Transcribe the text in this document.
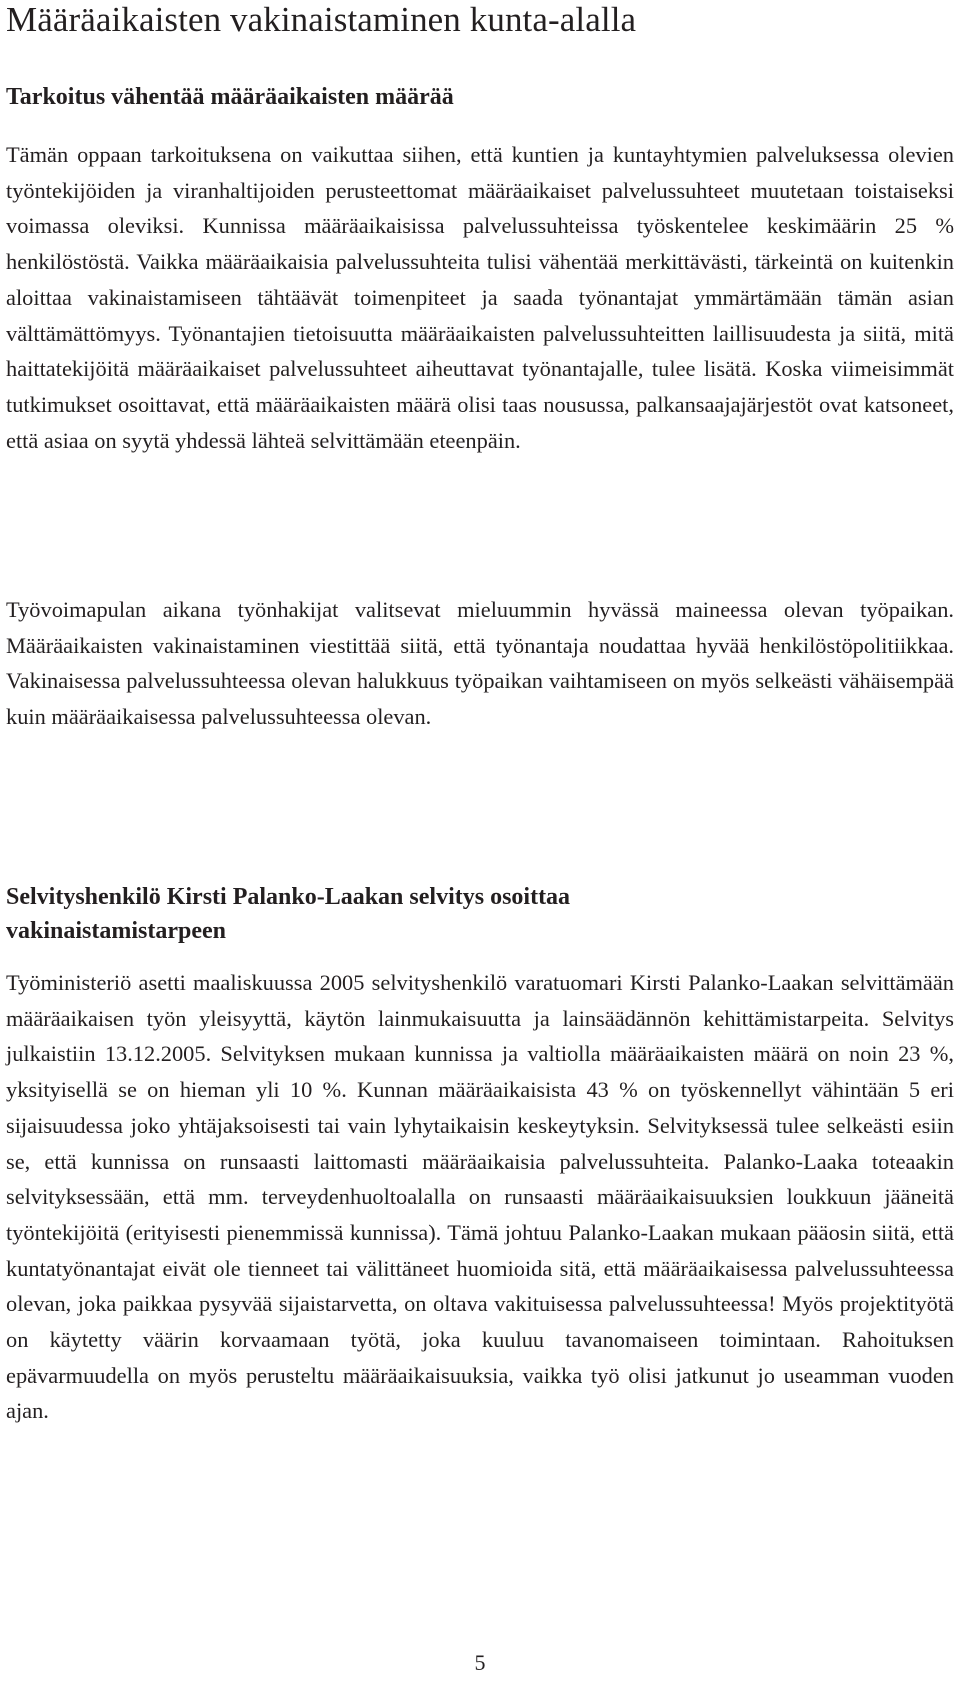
Määräaikaisten vakinaistaminen kunta-alalla
Tarkoitus vähentää määräaikaisten määrää

Tämän oppaan tarkoituksena on vaikuttaa siihen, että kuntien ja kuntayhtymien palveluksessa olevien työntekijöiden ja viranhaltijoiden perusteettomat määräaikaiset palvelussuhteet muutetaan toistaiseksi voimassa oleviksi. Kunnissa määräaikaisissa palvelussuhteissa työskentelee keskimäärin 25 % henkilöstöstä. Vaikka määräaikaisia palvelussuhteita tulisi vähentää merkittävästi, tärkeintä on kuitenkin aloittaa vakinaistamiseen tähtäävät toimenpiteet ja saada työnantajat ymmärtämään tämän asian välttämättömyys. Työnantajien tietoisuutta määräaikaisten palvelussuhteitten laillisuudesta ja siitä, mitä haittatekijöitä määräaikaiset palvelussuhteet aiheuttavat työnantajalle, tulee lisätä. Koska viimeisimmät tutkimukset osoittavat, että määräaikaisten määrä olisi taas nousussa, palkansaajajärjestöt ovat katsoneet, että asiaa on syytä yhdessä lähteä selvittämään eteenpäin.

Työvoimapulan aikana työnhakijat valitsevat mieluummin hyvässä maineessa olevan työpaikan. Määräaikaisten vakinaistaminen viestittää siitä, että työnantaja noudattaa hyvää henkilöstöpolitiikkaa. Vakinaisessa palvelussuhteessa olevan halukkuus työpaikan vaihtamiseen on myös selkeästi vähäisempää kuin määräaikaisessa palvelussuhteessa olevan.

Selvityshenkilö Kirsti Palanko-Laakan selvitys osoittaa vakinaistamistarpeen

Työministeriö asetti maaliskuussa 2005 selvityshenkilö varatuomari Kirsti Palanko-Laakan selvittämään määräaikaisen työn yleisyyttä, käytön lainmukaisuutta ja lainsäädännön kehittämistarpeita. Selvitys julkaistiin 13.12.2005. Selvityksen mukaan kunnissa ja valtiolla määräaikaisten määrä on noin 23 %, yksityisellä se on hieman yli 10 %. Kunnan määräaikaisista 43 % on työskennellyt vähintään 5 eri sijaisuudessa joko yhtäjaksoisesti tai vain lyhytaikaisin keskeytyksin. Selvityksessä tulee selkeästi esiin se, että kunnissa on runsaasti laittomasti määräaikaisia palvelussuhteita. Palanko-Laaka toteaakin selvityksessään, että mm. terveydenhuoltoalalla on runsaasti määräaikaisuuksien loukkuun jääneitä työntekijöitä (erityisesti pienemmissä kunnissa). Tämä johtuu Palanko-Laakan mukaan pääosin siitä, että kuntatyönantajat eivät ole tienneet tai välittäneet huomioida sitä, että määräaikaisessa palvelussuhteessa olevan, joka paikkaa pysyvää sijaistarvetta, on oltava vakituisessa palvelussuhteessa! Myös projektityötä on käytetty väärin korvaamaan työtä, joka kuuluu tavanomaiseen toimintaan. Rahoituksen epävarmuudella on myös perusteltu määräaikaisuuksia, vaikka työ olisi jatkunut jo useamman vuoden ajan.

5
